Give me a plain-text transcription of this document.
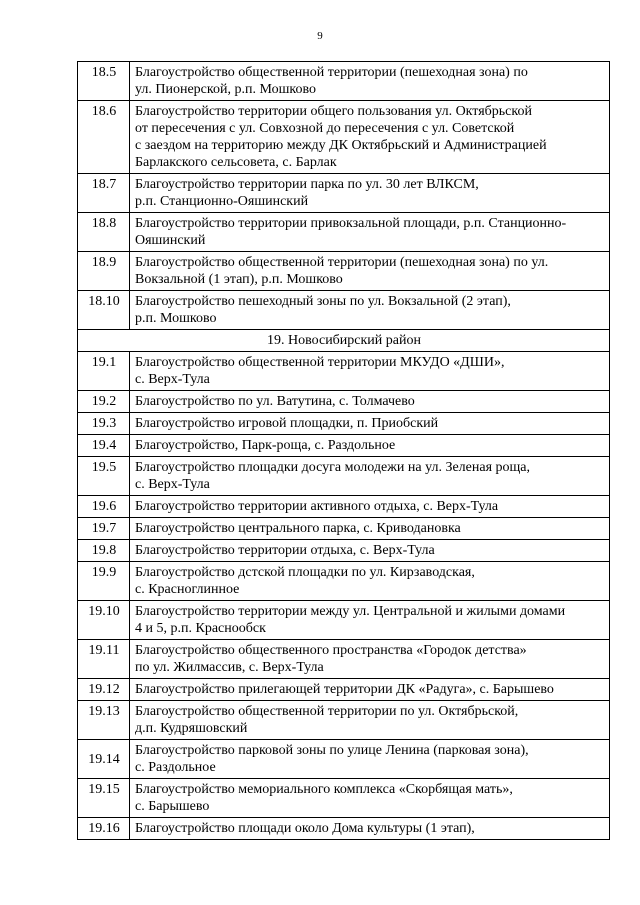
9
18.5	Благоустройство общественной территории (пешеходная зона) по
ул. Пионерской, р.п. Мошково

18.6	Благоустройство территории общего пользования ул. Октябрьской
от пересечения с ул. Совхозной до пересечения с ул. Советской
с заездом на территорию между ДК Октябрьский и Администрацией
Барлакского сельсовета, с. Барлак

18.7	Благоустройство территории парка по ул. 30 лет ВЛКСМ,
р.п. Станционно-Ояшинский

18.8	Благоустройство территории привокзальной площади, р.п. Станционно-
Ояшинский

18.9	Благоустройство общественной территории (пешеходная зона) по ул.
Вокзальной (1 этап), р.п. Мошково

18.10	Благоустройство пешеходный зоны по ул. Вокзальной (2 этап),
р.п. Мошково

19. Новосибирский район	
19.1	Благоустройство общественной территории МКУДО «ДШИ»,
с. Верх-Тула

19.2	Благоустройство по ул. Ватутина, с. Толмачево

19.3	Благоустройство игровой площадки, п. Приобский

19.4	Благоустройство, Парк-роща, с. Раздольное

19.5	Благоустройство площадки досуга молодежи на ул. Зеленая роща,
с. Верх-Тула

19.6	Благоустройство территории активного отдыха, с. Верх-Тула

19.7	Благоустройство центрального парка, с. Криводановка

19.8	Благоустройство территории отдыха, с. Верх-Тула

19.9	Благоустройство дстской площадки по ул. Кирзаводская,
с. Красноглинное

19.10	Благоустройство территории между ул. Центральной и жилыми домами
4 и 5, р.п. Краснообск

19.11	Благоустройство общественного пространства «Городок детства»
по ул. Жилмассив, с. Верх-Тула

19.12	Благоустройство прилегающей территории ДК «Радуга», с. Барышево

19.13	Благоустройство общественной территории по ул. Октябрьской,
д.п. Кудряшовский

19.14	Благоустройство парковой зоны по улице Ленина (парковая зона),
с. Раздольное

19.15	Благоустройство мемориального комплекса «Скорбящая мать»,
с. Барышево

19.16	Благоустройство площади около Дома культуры (1 этап),
